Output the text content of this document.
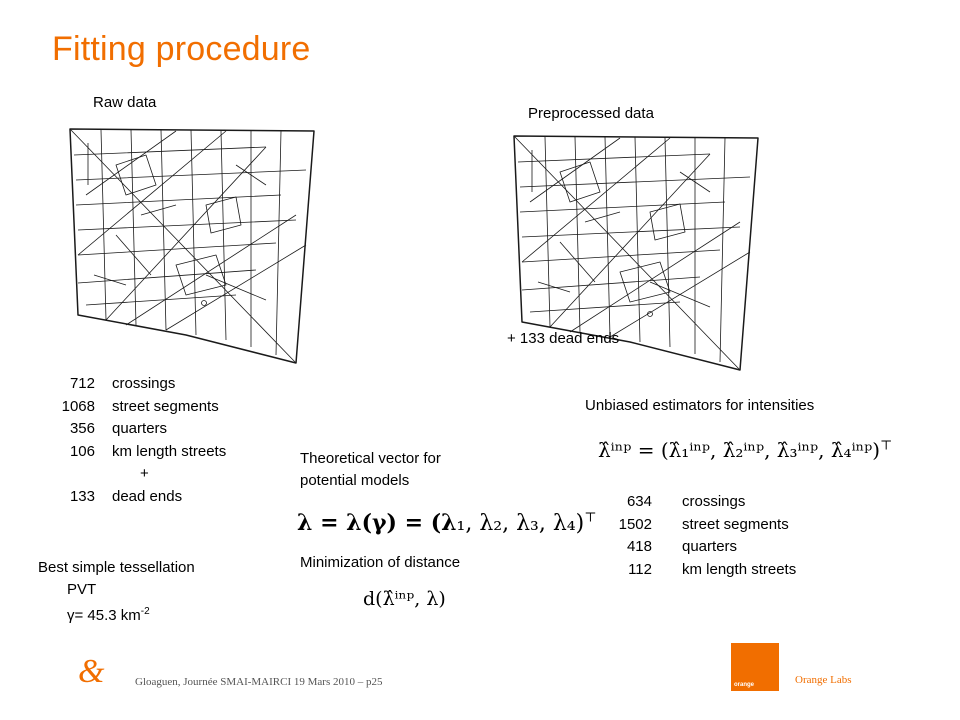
Fitting procedure
Raw data
Preprocessed data
+ 133 dead ends
712 crossings
1068 street segments
356 quarters
106 km length streets
+
133 dead ends
Theoretical vector for
potential models
λ = λ(γ) = (λ₁, λ₂, λ₃, λ₄)⊤
Minimization of distance
d(λ̂ⁱⁿᵖ, λ)
Unbiased estimators for intensities
λ̂ⁱⁿᵖ = (λ̂₁ⁱⁿᵖ, λ̂₂ⁱⁿᵖ, λ̂₃ⁱⁿᵖ, λ̂₄ⁱⁿᵖ)⊤
634 crossings
1502 street segments
418 quarters
112 km length streets
Best simple tessellation
PVT
γ= 45.3 $km^{-2}$
&	Gloaguen, Journée SMAI-MAIRCI 19 Mars 2010 – p25	orange	Orange Labs
